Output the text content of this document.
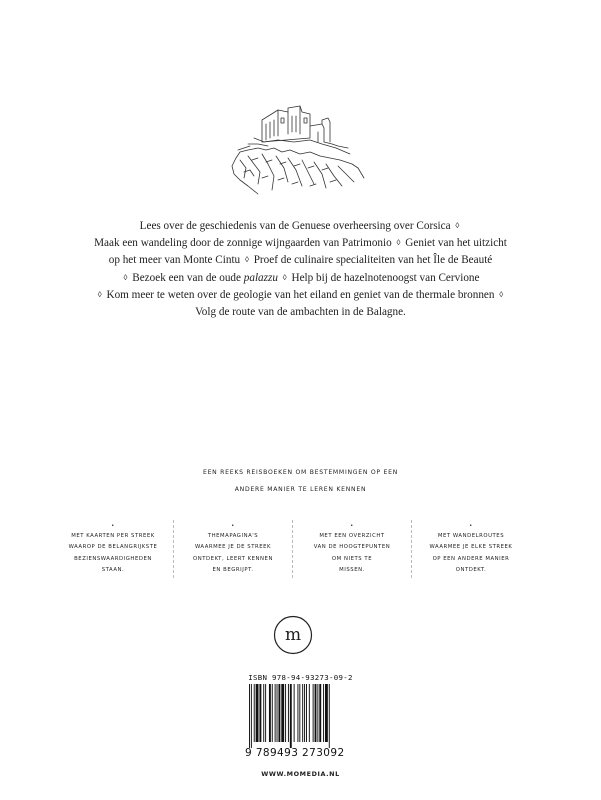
Lees over de geschiedenis van de Genuese overheersing over Corsica ◊
Maak een wandeling door de zonnige wijngaarden van Patrimonio ◊ Geniet van het uitzicht
op het meer van Monte Cintu ◊ Proef de culinaire specialiteiten van het Île de Beauté
◊ Bezoek een van de oude palazzu ◊ Help bij de hazelnotenoogst van Cervione
◊ Kom meer te weten over de geologie van het eiland en geniet van de thermale bronnen ◊
Volg de route van de ambachten in de Balagne.
EEN REEKS REISBOEKEN OM BESTEMMINGEN OP EEN
ANDERE MANIER TE LEREN KENNEN
•
MET KAARTEN PER STREEK
WAAROP DE BELANGRIJKSTE
BEZIENSWAARDIGHEDEN
STAAN.
•
THEMAPAGINA'S
WAARMEE JE DE STREEK
ONTDEKT, LEERT KENNEN
EN BEGRIJPT.
•
MET EEN OVERZICHT
VAN DE HOOGTEPUNTEN
OM NIETS TE
MISSEN.
•
MET WANDELROUTES
WAARMEE JE ELKE STREEK
OP EEN ANDERE MANIER
ONTDEKT.
m
ISBN 978-94-93273-09-2
9 789493 273092
WWW.MOMEDIA.NL
